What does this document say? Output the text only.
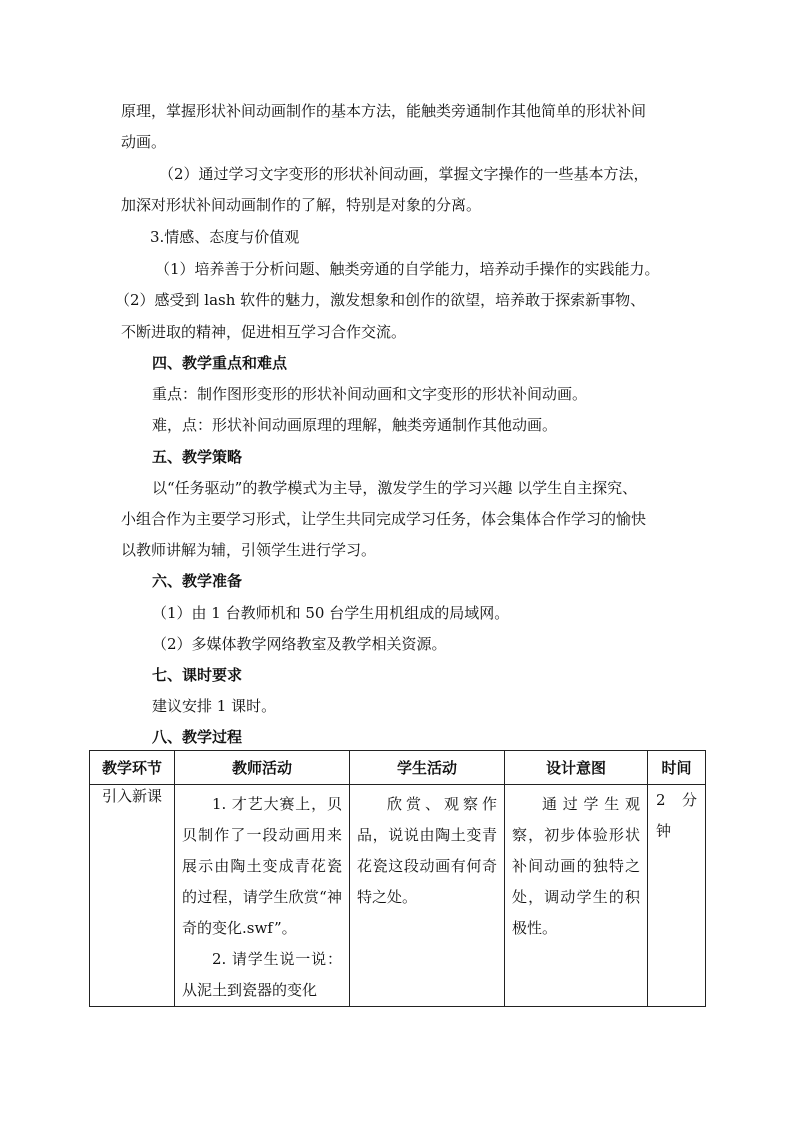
原理，掌握形状补间动画制作的基本方法，能触类旁通制作其他简单的形状补间
动画。
（2）通过学习文字变形的形状补间动画，掌握文字操作的一些基本方法，
加深对形状补间动画制作的了解，特别是对象的分离。
3.情感、态度与价值观
（1）培养善于分析问题、触类旁通的自学能力，培养动手操作的实践能力。
（2）感受到 lash 软件的魅力，激发想象和创作的欲望，培养敢于探索新事物、
不断进取的精神，促进相互学习合作交流。
四、教学重点和难点
重点：制作图形变形的形状补间动画和文字变形的形状补间动画。
难，点：形状补间动画原理的理解，触类旁通制作其他动画。
五、教学策略
以“任务驱动”的教学模式为主导，激发学生的学习兴趣 以学生自主探究、
小组合作为主要学习形式，让学生共同完成学习任务，体会集体合作学习的愉快
以教师讲解为辅，引领学生进行学习。
六、教学准备
（1）由 1 台教师机和 50 台学生用机组成的局域网。
（2）多媒体教学网络教室及教学相关资源。
七、课时要求
建议安排 1 课时。
八、教学过程
教学环节	教师活动	学生活动	设计意图	时间
引入新课	1. 才艺大赛上，贝贝制作了一段动画用来展示由陶土变成青花瓷的过程，请学生欣赏“神奇的变化.swf”。

2. 请学生说一说：从泥土到瓷器的变化	欣赏、观察作品，说说由陶土变青花瓷这段动画有何奇特之处。	通过学生观察，初步体验形状补间动画的独特之处，调动学生的积极性。	2 分钟
